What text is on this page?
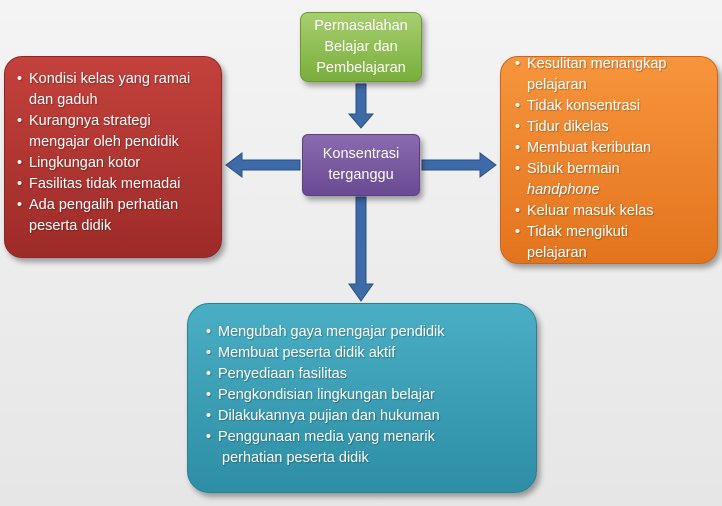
Permasalahan
Belajar dan
Pembelajaran
Konsentrasi
terganggu
• Kondisi kelas yang ramai
dan gaduh
• Kurangnya strategi
mengajar oleh pendidik
• Lingkungan kotor
• Fasilitas tidak memadai
• Ada pengalih perhatian
peserta didik
• Kesulitan menangkap
pelajaran
• Tidak konsentrasi
• Tidur dikelas
• Membuat keributan
• Sibuk bermain
handphone
• Keluar masuk kelas
• Tidak mengikuti
pelajaran
• Mengubah gaya mengajar pendidik
• Membuat peserta didik aktif
• Penyediaan fasilitas
• Pengkondisian lingkungan belajar
• Dilakukannya pujian dan hukuman
• Penggunaan media yang menarik
perhatian peserta didik
